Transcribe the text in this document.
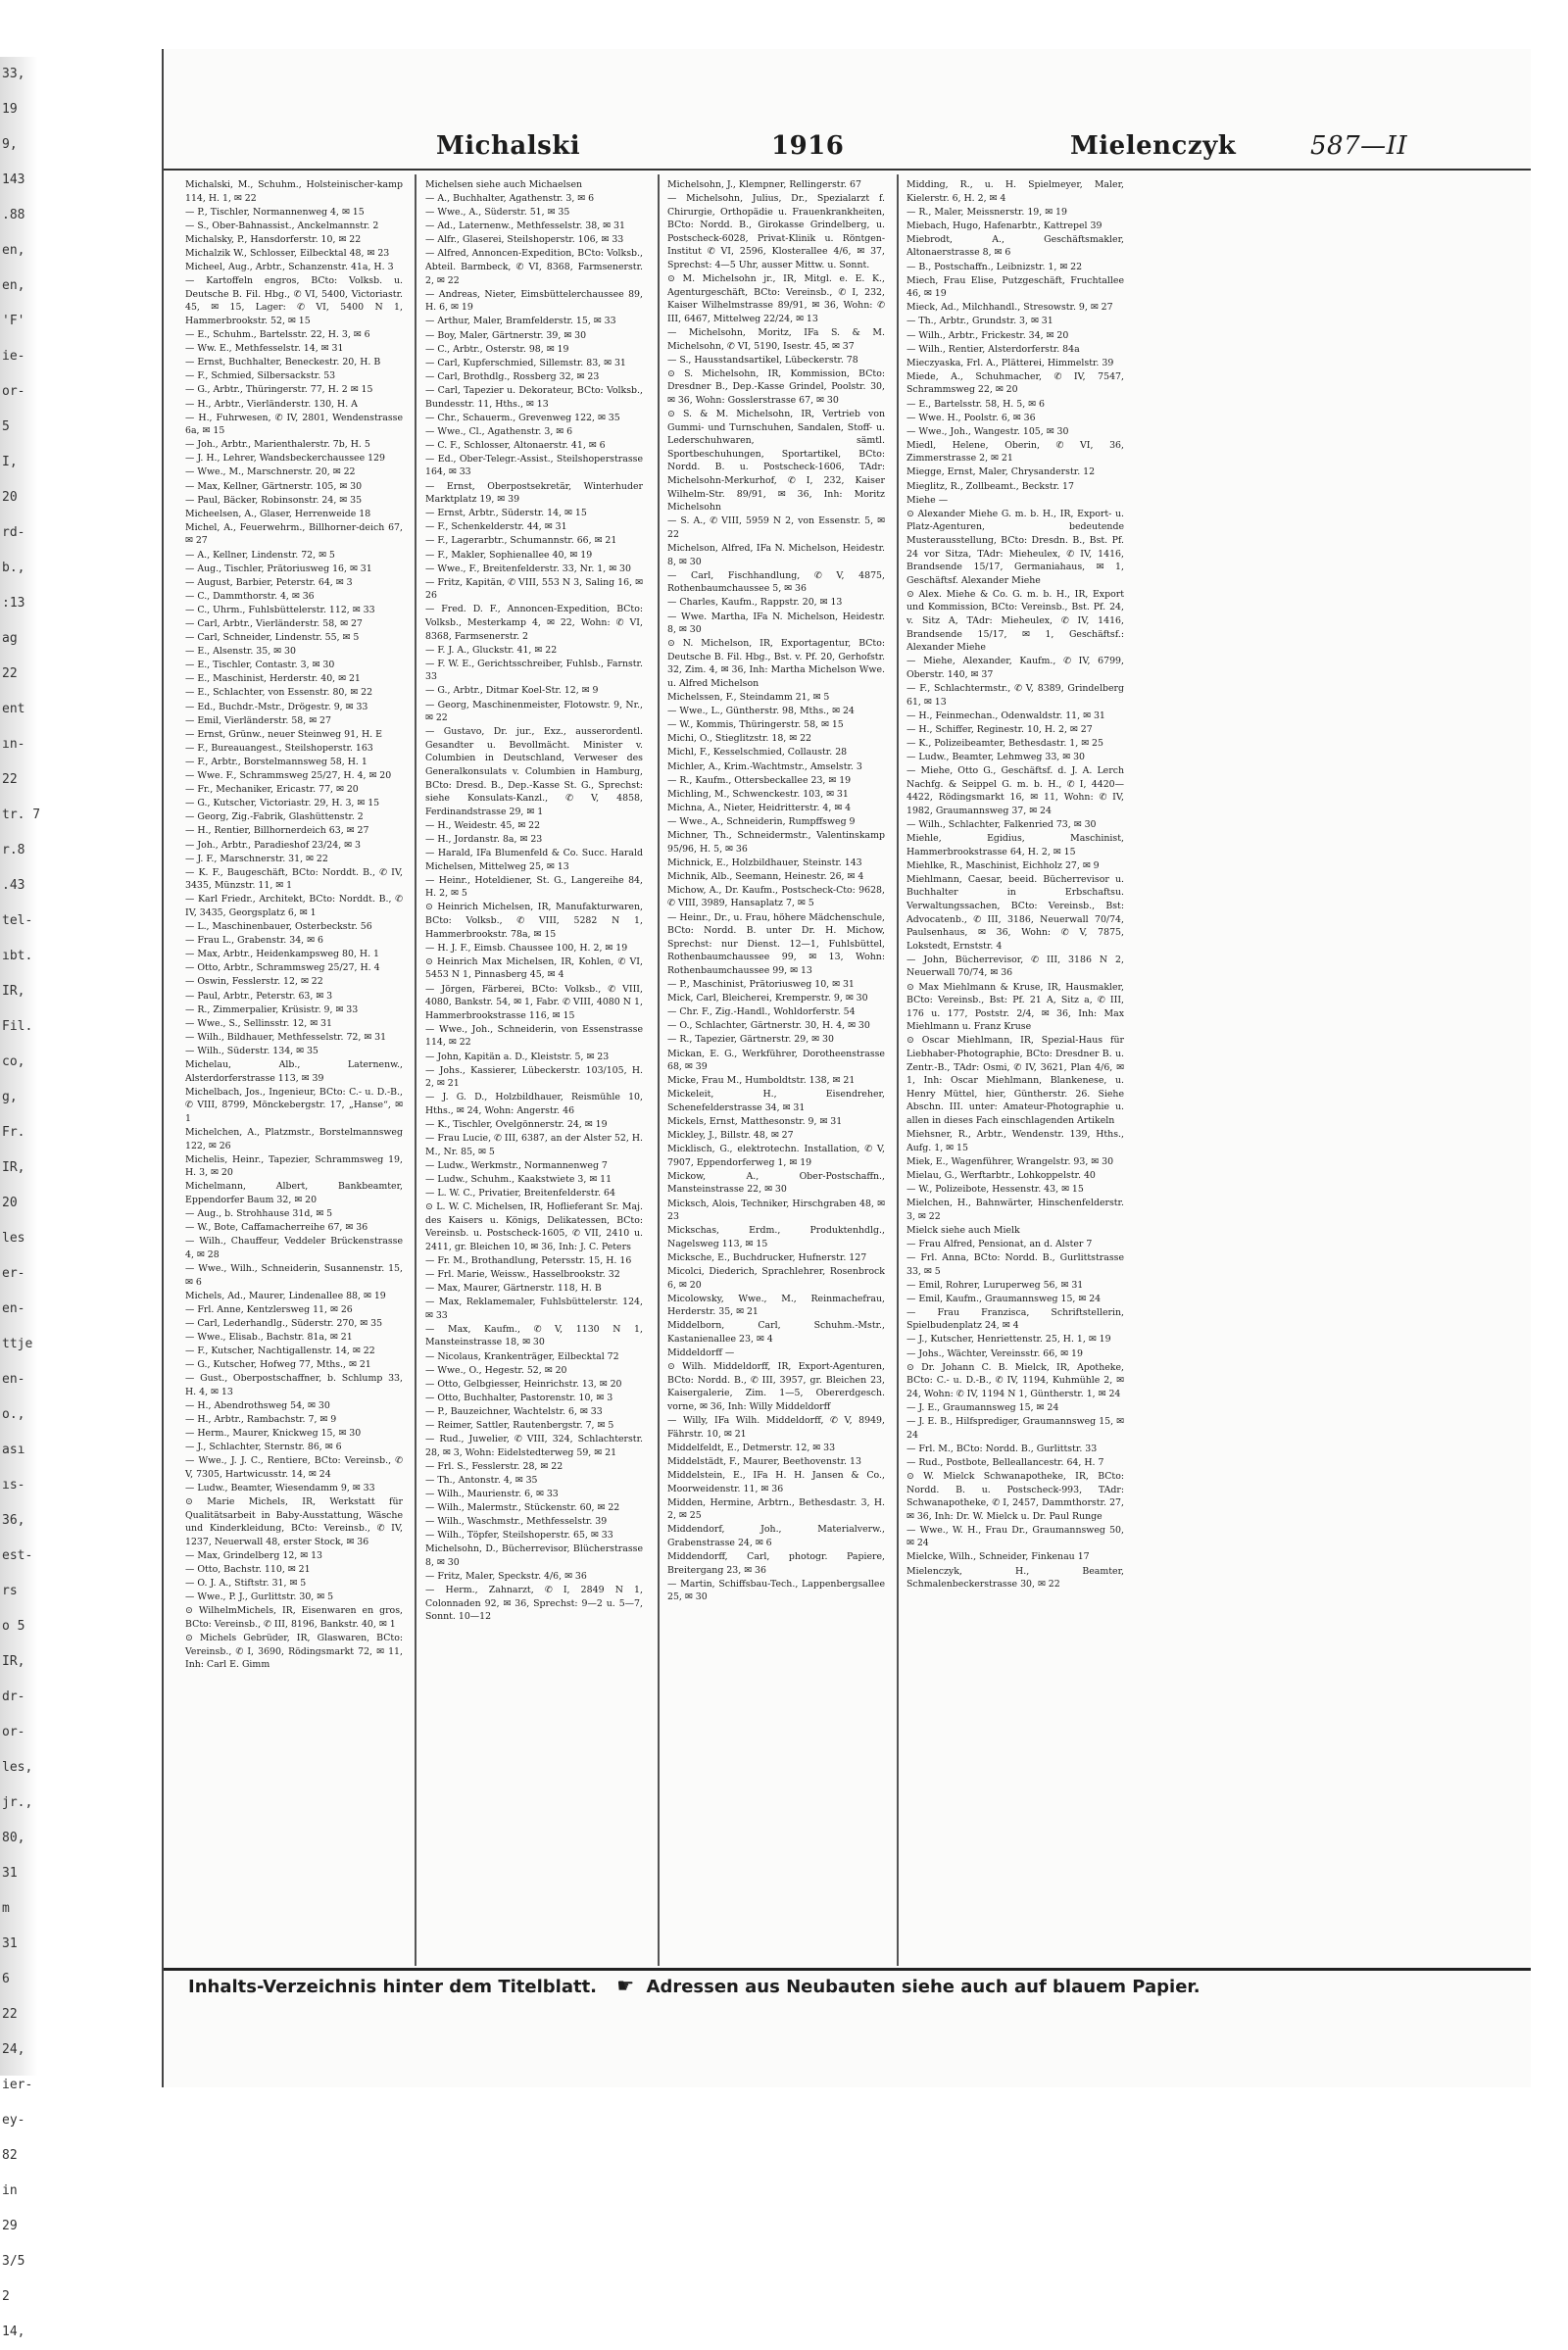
33,
19
9,
143
.88
en,
en,
'F'
ie-
or-
5
I,
20
rd-
b.,
:13
ag
22
ent
ın-
22
tr. 7
r.8
.43
tel-
ıbt.
IR,
Fil.
co,
g,
Fr.
IR,
20
les
er-
en-
ttje
en-
o.,
ası
ıs-
36,
est-
rs
o 5
IR,
dr-
or-
les,
jr.,
80,
31
m
31
6
22
24,
ier-
ey-
82
in
29
3/5
2
14,
Michalski	1916	Mielenczyk	587—II

Michalski, M., Schuhm., Holsteinischer-kamp 114, H. 1, ✉ 22

— P., Tischler, Normannenweg 4, ✉ 15

— S., Ober-Bahnassist., Anckelmannstr. 2

Michalsky, P., Hansdorferstr. 10, ✉ 22

Michalzik W., Schlosser, Eilbecktal 48, ✉ 23

Micheel, Aug., Arbtr., Schanzenstr. 41a, H. 3

— Kartoffeln engros, BCto: Volksb. u. Deutsche B. Fil. Hbg., ✆ VI, 5400, Victoriastr. 45, ✉ 15, Lager: ✆ VI, 5400 N 1, Hammerbrookstr. 52, ✉ 15

— E., Schuhm., Bartelsstr. 22, H. 3, ✉ 6

— Ww. E., Methfesselstr. 14, ✉ 31

— Ernst, Buchhalter, Beneckestr. 20, H. B

— F., Schmied, Silbersackstr. 53

— G., Arbtr., Thüringerstr. 77, H. 2 ✉ 15

— H., Arbtr., Vierländerstr. 130, H. A

— H., Fuhrwesen, ✆ IV, 2801, Wendenstrasse 6a, ✉ 15

— Joh., Arbtr., Marienthalerstr. 7b, H. 5

— J. H., Lehrer, Wandsbeckerchaussee 129

— Wwe., M., Marschnerstr. 20, ✉ 22

— Max, Kellner, Gärtnerstr. 105, ✉ 30

— Paul, Bäcker, Robinsonstr. 24, ✉ 35

Micheelsen, A., Glaser, Herrenweide 18

Michel, A., Feuerwehrm., Billhorner-deich 67, ✉ 27

— A., Kellner, Lindenstr. 72, ✉ 5

— Aug., Tischler, Prätoriusweg 16, ✉ 31

— August, Barbier, Peterstr. 64, ✉ 3

— C., Dammthorstr. 4, ✉ 36

— C., Uhrm., Fuhlsbüttelerstr. 112, ✉ 33

— Carl, Arbtr., Vierländerstr. 58, ✉ 27

— Carl, Schneider, Lindenstr. 55, ✉ 5

— E., Alsenstr. 35, ✉ 30

— E., Tischler, Contastr. 3, ✉ 30

— E., Maschinist, Herderstr. 40, ✉ 21

— E., Schlachter, von Essenstr. 80, ✉ 22

— Ed., Buchdr.-Mstr., Drögestr. 9, ✉ 33

— Emil, Vierländerstr. 58, ✉ 27

— Ernst, Grünw., neuer Steinweg 91, H. E

— F., Bureauangest., Steilshoperstr. 163

— F., Arbtr., Borstelmannsweg 58, H. 1

— Wwe. F., Schrammsweg 25/27, H. 4, ✉ 20

— Fr., Mechaniker, Ericastr. 77, ✉ 20

— G., Kutscher, Victoriastr. 29, H. 3, ✉ 15

— Georg, Zig.-Fabrik, Glashüttenstr. 2

— H., Rentier, Billhornerdeich 63, ✉ 27

— Joh., Arbtr., Paradieshof 23/24, ✉ 3

— J. F., Marschnerstr. 31, ✉ 22

— K. F., Baugeschäft, BCto: Norddt. B., ✆ IV, 3435, Münzstr. 11, ✉ 1

— Karl Friedr., Architekt, BCto: Norddt. B., ✆ IV, 3435, Georgsplatz 6, ✉ 1

— L., Maschinenbauer, Osterbeckstr. 56

— Frau L., Grabenstr. 34, ✉ 6

— Max, Arbtr., Heidenkampsweg 80, H. 1

— Otto, Arbtr., Schrammsweg 25/27, H. 4

— Oswin, Fesslerstr. 12, ✉ 22

— Paul, Arbtr., Peterstr. 63, ✉ 3

— R., Zimmerpalier, Krüsistr. 9, ✉ 33

— Wwe., S., Sellinsstr. 12, ✉ 31

— Wilh., Bildhauer, Methfesselstr. 72, ✉ 31

— Wilh., Süderstr. 134, ✉ 35

Michelau, Alb., Laternenw., Alsterdorferstrasse 113, ✉ 39

Michelbach, Jos., Ingenieur, BCto: C.- u. D.-B., ✆ VIII, 8799, Mönckebergstr. 17, „Hanse“, ✉ 1

Michelchen, A., Platzmstr., Borstelmannsweg 122, ✉ 26

Michelis, Heinr., Tapezier, Schrammsweg 19, H. 3, ✉ 20

Michelmann, Albert, Bankbeamter, Eppendorfer Baum 32, ✉ 20

— Aug., b. Strohhause 31d, ✉ 5

— W., Bote, Caffamacherreihe 67, ✉ 36

— Wilh., Chauffeur, Veddeler Brückenstrasse 4, ✉ 28

— Wwe., Wilh., Schneiderin, Susannenstr. 15, ✉ 6

Michels, Ad., Maurer, Lindenallee 88, ✉ 19

— Frl. Anne, Kentzlersweg 11, ✉ 26

— Carl, Lederhandlg., Süderstr. 270, ✉ 35

— Wwe., Elisab., Bachstr. 81a, ✉ 21

— F., Kutscher, Nachtigallenstr. 14, ✉ 22

— G., Kutscher, Hofweg 77, Mths., ✉ 21

— Gust., Oberpostschaffner, b. Schlump 33, H. 4, ✉ 13

— H., Abendrothsweg 54, ✉ 30

— H., Arbtr., Rambachstr. 7, ✉ 9

— Herm., Maurer, Knickweg 15, ✉ 30

— J., Schlachter, Sternstr. 86, ✉ 6

— Wwe., J. J. C., Rentiere, BCto: Vereinsb., ✆ V, 7305, Hartwicusstr. 14, ✉ 24

— Ludw., Beamter, Wiesendamm 9, ✉ 33

⊙ Marie Michels, IR, Werkstatt für Qualitätsarbeit in Baby-Ausstattung, Wäsche und Kinderkleidung, BCto: Vereinsb., ✆ IV, 1237, Neuerwall 48, erster Stock, ✉ 36

— Max, Grindelberg 12, ✉ 13

— Otto, Bachstr. 110, ✉ 21

— O. J. A., Stiftstr. 31, ✉ 5

— Wwe., P. J., Gurlittstr. 30, ✉ 5

⊙ WilhelmMichels, IR, Eisenwaren en gros, BCto: Vereinsb., ✆ III, 8196, Bankstr. 40, ✉ 1

⊙ Michels Gebrüder, IR, Glaswaren, BCto: Vereinsb., ✆ I, 3690, Rödingsmarkt 72, ✉ 11, Inh: Carl E. Gimm

Michelsen siehe auch Michaelsen

— A., Buchhalter, Agathenstr. 3, ✉ 6

— Wwe., A., Süderstr. 51, ✉ 35

— Ad., Laternenw., Methfesselstr. 38, ✉ 31

— Alfr., Glaserei, Steilshoperstr. 106, ✉ 33

— Alfred, Annoncen-Expedition, BCto: Volksb., Abteil. Barmbeck, ✆ VI, 8368, Farmsenerstr. 2, ✉ 22

— Andreas, Nieter, Eimsbüttelerchaussee 89, H. 6, ✉ 19

— Arthur, Maler, Bramfelderstr. 15, ✉ 33

— Boy, Maler, Gärtnerstr. 39, ✉ 30

— C., Arbtr., Osterstr. 98, ✉ 19

— Carl, Kupferschmied, Sillemstr. 83, ✉ 31

— Carl, Brothdlg., Rossberg 32, ✉ 23

— Carl, Tapezier u. Dekorateur, BCto: Volksb., Bundesstr. 11, Hths., ✉ 13

— Chr., Schauerm., Grevenweg 122, ✉ 35

— Wwe., Cl., Agathenstr. 3, ✉ 6

— C. F., Schlosser, Altonaerstr. 41, ✉ 6

— Ed., Ober-Telegr.-Assist., Steilshoperstrasse 164, ✉ 33

— Ernst, Oberpostsekretär, Winterhuder Marktplatz 19, ✉ 39

— Ernst, Arbtr., Süderstr. 14, ✉ 15

— F., Schenkelderstr. 44, ✉ 31

— F., Lagerarbtr., Schumannstr. 66, ✉ 21

— F., Makler, Sophienallee 40, ✉ 19

— Wwe., F., Breitenfelderstr. 33, Nr. 1, ✉ 30

— Fritz, Kapitän, ✆ VIII, 553 N 3, Saling 16, ✉ 26

— Fred. D. F., Annoncen-Expedition, BCto: Volksb., Mesterkamp 4, ✉ 22, Wohn: ✆ VI, 8368, Farmsenerstr. 2

— F. J. A., Gluckstr. 41, ✉ 22

— F. W. E., Gerichtsschreiber, Fuhlsb., Farnstr. 33

— G., Arbtr., Ditmar Koel-Str. 12, ✉ 9

— Georg, Maschinenmeister, Flotowstr. 9, Nr., ✉ 22

— Gustavo, Dr. jur., Exz., ausserordentl. Gesandter u. Bevollmächt. Minister v. Columbien in Deutschland, Verweser des Generalkonsulats v. Columbien in Hamburg, BCto: Dresd. B., Dep.-Kasse St. G., Sprechst: siehe Konsulats-Kanzl., ✆ V, 4858, Ferdinandstrasse 29, ✉ 1

— H., Weidestr. 45, ✉ 22

— H., Jordanstr. 8a, ✉ 23

— Harald, IFa Blumenfeld & Co. Succ. Harald Michelsen, Mittelweg 25, ✉ 13

— Heinr., Hoteldiener, St. G., Langereihe 84, H. 2, ✉ 5

⊙ Heinrich Michelsen, IR, Manufakturwaren, BCto: Volksb., ✆ VIII, 5282 N 1, Hammerbrookstr. 78a, ✉ 15

— H. J. F., Eimsb. Chaussee 100, H. 2, ✉ 19

⊙ Heinrich Max Michelsen, IR, Kohlen, ✆ VI, 5453 N 1, Pinnasberg 45, ✉ 4

— Jörgen, Färberei, BCto: Volksb., ✆ VIII, 4080, Bankstr. 54, ✉ 1, Fabr. ✆ VIII, 4080 N 1, Hammerbrookstrasse 116, ✉ 15

— Wwe., Joh., Schneiderin, von Essenstrasse 114, ✉ 22

— John, Kapitän a. D., Kleiststr. 5, ✉ 23

— Johs., Kassierer, Lübeckerstr. 103/105, H. 2, ✉ 21

— J. G. D., Holzbildhauer, Reismühle 10, Hths., ✉ 24, Wohn: Angerstr. 46

— K., Tischler, Ovelgönnerstr. 24, ✉ 19

— Frau Lucie, ✆ III, 6387, an der Alster 52, H. M., Nr. 85, ✉ 5

— Ludw., Werkmstr., Normannenweg 7

— Ludw., Schuhm., Kaakstwiete 3, ✉ 11

— L. W. C., Privatier, Breitenfelderstr. 64

⊙ L. W. C. Michelsen, IR, Hoflieferant Sr. Maj. des Kaisers u. Königs, Delikatessen, BCto: Vereinsb. u. Postscheck-1605, ✆ VII, 2410 u. 2411, gr. Bleichen 10, ✉ 36, Inh: J. C. Peters

— Fr. M., Brothandlung, Petersstr. 15, H. 16

— Frl. Marie, Weissw., Hasselbrookstr. 32

— Max, Maurer, Gärtnerstr. 118, H. B

— Max, Reklamemaler, Fuhlsbüttelerstr. 124, ✉ 33

— Max, Kaufm., ✆ V, 1130 N 1, Mansteinstrasse 18, ✉ 30

— Nicolaus, Krankenträger, Eilbecktal 72

— Wwe., O., Hegestr. 52, ✉ 20

— Otto, Gelbgiesser, Heinrichstr. 13, ✉ 20

— Otto, Buchhalter, Pastorenstr. 10, ✉ 3

— P., Bauzeichner, Wachtelstr. 6, ✉ 33

— Reimer, Sattler, Rautenbergstr. 7, ✉ 5

— Rud., Juwelier, ✆ VIII, 324, Schlachterstr. 28, ✉ 3, Wohn: Eidelstedterweg 59, ✉ 21

— Frl. S., Fesslerstr. 28, ✉ 22

— Th., Antonstr. 4, ✉ 35

— Wilh., Maurienstr. 6, ✉ 33

— Wilh., Malermstr., Stückenstr. 60, ✉ 22

— Wilh., Waschmstr., Methfesselstr. 39

— Wilh., Töpfer, Steilshoperstr. 65, ✉ 33

Michelsohn, D., Bücherrevisor, Blücherstrasse 8, ✉ 30

— Fritz, Maler, Speckstr. 4/6, ✉ 36

— Herm., Zahnarzt, ✆ I, 2849 N 1, Colonnaden 92, ✉ 36, Sprechst: 9—2 u. 5—7, Sonnt. 10—12

Michelsohn, J., Klempner, Rellingerstr. 67

— Michelsohn, Julius, Dr., Spezialarzt f. Chirurgie, Orthopädie u. Frauenkrankheiten, BCto: Nordd. B., Girokasse Grindelberg, u. Postscheck-6028, Privat-Klinik u. Röntgen-Institut ✆ VI, 2596, Klosterallee 4/6, ✉ 37, Sprechst: 4—5 Uhr, ausser Mittw. u. Sonnt.

⊙ M. Michelsohn jr., IR, Mitgl. e. E. K., Agenturgeschäft, BCto: Vereinsb., ✆ I, 232, Kaiser Wilhelmstrasse 89/91, ✉ 36, Wohn: ✆ III, 6467, Mittelweg 22/24, ✉ 13

— Michelsohn, Moritz, IFa S. & M. Michelsohn, ✆ VI, 5190, Isestr. 45, ✉ 37

— S., Hausstandsartikel, Lübeckerstr. 78

⊙ S. Michelsohn, IR, Kommission, BCto: Dresdner B., Dep.-Kasse Grindel, Poolstr. 30, ✉ 36, Wohn: Gosslerstrasse 67, ✉ 30

⊙ S. & M. Michelsohn, IR, Vertrieb von Gummi- und Turnschuhen, Sandalen, Stoff- u. Lederschuhwaren, sämtl. Sportbeschuhungen, Sportartikel, BCto: Nordd. B. u. Postscheck-1606, TAdr: Michelsohn-Merkurhof, ✆ I, 232, Kaiser Wilhelm-Str. 89/91, ✉ 36, Inh: Moritz Michelsohn

— S. A., ✆ VIII, 5959 N 2, von Essenstr. 5, ✉ 22

Michelson, Alfred, IFa N. Michelson, Heidestr. 8, ✉ 30

— Carl, Fischhandlung, ✆ V, 4875, Rothenbaumchaussee 5, ✉ 36

— Charles, Kaufm., Rappstr. 20, ✉ 13

— Wwe. Martha, IFa N. Michelson, Heidestr. 8, ✉ 30

⊙ N. Michelson, IR, Exportagentur, BCto: Deutsche B. Fil. Hbg., Bst. v. Pf. 20, Gerhofstr. 32, Zim. 4, ✉ 36, Inh: Martha Michelson Wwe. u. Alfred Michelson

Michelssen, F., Steindamm 21, ✉ 5

— Wwe., L., Güntherstr. 98, Mths., ✉ 24

— W., Kommis, Thüringerstr. 58, ✉ 15

Michi, O., Stieglitzstr. 18, ✉ 22

Michl, F., Kesselschmied, Collaustr. 28

Michler, A., Krim.-Wachtmstr., Amselstr. 3

— R., Kaufm., Ottersbeckallee 23, ✉ 19

Michling, M., Schwenckestr. 103, ✉ 31

Michna, A., Nieter, Heidritterstr. 4, ✉ 4

— Wwe., A., Schneiderin, Rumpffsweg 9

Michner, Th., Schneidermstr., Valentinskamp 95/96, H. 5, ✉ 36

Michnick, E., Holzbildhauer, Steinstr. 143

Michnik, Alb., Seemann, Heinestr. 26, ✉ 4

Michow, A., Dr. Kaufm., Postscheck-Cto: 9628, ✆ VIII, 3989, Hansaplatz 7, ✉ 5

— Heinr., Dr., u. Frau, höhere Mädchenschule, BCto: Nordd. B. unter Dr. H. Michow, Sprechst: nur Dienst. 12—1, Fuhlsbüttel, Rothenbaumchaussee 99, ✉ 13, Wohn: Rothenbaumchaussee 99, ✉ 13

— P., Maschinist, Prätoriusweg 10, ✉ 31

Mick, Carl, Bleicherei, Kremperstr. 9, ✉ 30

— Chr. F., Zig.-Handl., Wohldorferstr. 54

— O., Schlachter, Gärtnerstr. 30, H. 4, ✉ 30

— R., Tapezier, Gärtnerstr. 29, ✉ 30

Mickan, E. G., Werkführer, Dorotheenstrasse 68, ✉ 39

Micke, Frau M., Humboldtstr. 138, ✉ 21

Mickeleit, H., Eisendreher, Schenefelderstrasse 34, ✉ 31

Mickels, Ernst, Matthesonstr. 9, ✉ 31

Mickley, J., Billstr. 48, ✉ 27

Micklisch, G., elektrotechn. Installation, ✆ V, 7907, Eppendorferweg 1, ✉ 19

Mickow, A., Ober-Postschaffn., Mansteinstrasse 22, ✉ 30

Micksch, Alois, Techniker, Hirschgraben 48, ✉ 23

Mickschas, Erdm., Produktenhdlg., Nagelsweg 113, ✉ 15

Micksche, E., Buchdrucker, Hufnerstr. 127

Micolci, Diederich, Sprachlehrer, Rosenbrock 6, ✉ 20

Micolowsky, Wwe., M., Reinmachefrau, Herderstr. 35, ✉ 21

Middelborn, Carl, Schuhm.-Mstr., Kastanienallee 23, ✉ 4

Middeldorff —

⊙ Wilh. Middeldorff, IR, Export-Agenturen, BCto: Nordd. B., ✆ III, 3957, gr. Bleichen 23, Kaisergalerie, Zim. 1—5, Obererdgesch. vorne, ✉ 36, Inh: Willy Middeldorff

— Willy, IFa Wilh. Middeldorff, ✆ V, 8949, Fährstr. 10, ✉ 21

Middelfeldt, E., Detmerstr. 12, ✉ 33

Middelstädt, F., Maurer, Beethovenstr. 13

Middelstein, E., IFa H. H. Jansen & Co., Moorweidenstr. 11, ✉ 36

Midden, Hermine, Arbtrn., Bethesdastr. 3, H. 2, ✉ 25

Middendorf, Joh., Materialverw., Grabenstrasse 24, ✉ 6

Middendorff, Carl, photogr. Papiere, Breitergang 23, ✉ 36

— Martin, Schiffsbau-Tech., Lappenbergsallee 25, ✉ 30

Midding, R., u. H. Spielmeyer, Maler, Kielerstr. 6, H. 2, ✉ 4

— R., Maler, Meissnerstr. 19, ✉ 19

Miebach, Hugo, Hafenarbtr., Kattrepel 39

Miebrodt, A., Geschäftsmakler, Altonaerstrasse 8, ✉ 6

— B., Postschaffn., Leibnizstr. 1, ✉ 22

Miech, Frau Elise, Putzgeschäft, Fruchtallee 46, ✉ 19

Mieck, Ad., Milchhandl., Stresowstr. 9, ✉ 27

— Th., Arbtr., Grundstr. 3, ✉ 31

— Wilh., Arbtr., Frickestr. 34, ✉ 20

— Wilh., Rentier, Alsterdorferstr. 84a

Mieczyaska, Frl. A., Plätterei, Himmelstr. 39

Miede, A., Schuhmacher, ✆ IV, 7547, Schrammsweg 22, ✉ 20

— E., Bartelsstr. 58, H. 5, ✉ 6

— Wwe. H., Poolstr. 6, ✉ 36

— Wwe., Joh., Wangestr. 105, ✉ 30

Miedl, Helene, Oberin, ✆ VI, 36, Zimmerstrasse 2, ✉ 21

Miegge, Ernst, Maler, Chrysanderstr. 12

Mieglitz, R., Zollbeamt., Beckstr. 17

Miehe —

⊙ Alexander Miehe G. m. b. H., IR, Export- u. Platz-Agenturen, bedeutende Musterausstellung, BCto: Dresdn. B., Bst. Pf. 24 vor Sitza, TAdr: Mieheulex, ✆ IV, 1416, Brandsende 15/17, Germaniahaus, ✉ 1, Geschäftsf. Alexander Miehe

⊙ Alex. Miehe & Co. G. m. b. H., IR, Export und Kommission, BCto: Vereinsb., Bst. Pf. 24, v. Sitz A, TAdr: Mieheulex, ✆ IV, 1416, Brandsende 15/17, ✉ 1, Geschäftsf.: Alexander Miehe

— Miehe, Alexander, Kaufm., ✆ IV, 6799, Oberstr. 140, ✉ 37

— F., Schlachtermstr., ✆ V, 8389, Grindelberg 61, ✉ 13

— H., Feinmechan., Odenwaldstr. 11, ✉ 31

— H., Schiffer, Reginestr. 10, H. 2, ✉ 27

— K., Polizeibeamter, Bethesdastr. 1, ✉ 25

— Ludw., Beamter, Lehmweg 33, ✉ 30

— Miehe, Otto G., Geschäftsf. d. J. A. Lerch Nachfg. & Seippel G. m. b. H., ✆ I, 4420—4422, Rödingsmarkt 16, ✉ 11, Wohn: ✆ IV, 1982, Graumannsweg 37, ✉ 24

— Wilh., Schlachter, Falkenried 73, ✉ 30

Miehle, Egidius, Maschinist, Hammerbrookstrasse 64, H. 2, ✉ 15

Miehlke, R., Maschinist, Eichholz 27, ✉ 9

Miehlmann, Caesar, beeid. Bücherrevisor u. Buchhalter in Erbschaftsu. Verwaltungssachen, BCto: Vereinsb., Bst: Advocatenb., ✆ III, 3186, Neuerwall 70/74, Paulsenhaus, ✉ 36, Wohn: ✆ V, 7875, Lokstedt, Ernststr. 4

— John, Bücherrevisor, ✆ III, 3186 N 2, Neuerwall 70/74, ✉ 36

⊙ Max Miehlmann & Kruse, IR, Hausmakler, BCto: Vereinsb., Bst: Pf. 21 A, Sitz a, ✆ III, 176 u. 177, Poststr. 2/4, ✉ 36, Inh: Max Miehlmann u. Franz Kruse

⊙ Oscar Miehlmann, IR, Spezial-Haus für Liebhaber-Photographie, BCto: Dresdner B. u. Zentr.-B., TAdr: Osmi, ✆ IV, 3621, Plan 4/6, ✉ 1, Inh: Oscar Miehlmann, Blankenese, u. Henry Müttel, hier, Güntherstr. 26. Siehe Abschn. III. unter: Amateur-Photographie u. allen in dieses Fach einschlagenden Artikeln

Miehsner, R., Arbtr., Wendenstr. 139, Hths., Aufg. 1, ✉ 15

Miek, E., Wagenführer, Wrangelstr. 93, ✉ 30

Mielau, G., Werftarbtr., Lohkoppelstr. 40

— W., Polizeibote, Hessenstr. 43, ✉ 15

Mielchen, H., Bahnwärter, Hinschenfelderstr. 3, ✉ 22

Mielck siehe auch Mielk

— Frau Alfred, Pensionat, an d. Alster 7

— Frl. Anna, BCto: Nordd. B., Gurlittstrasse 33, ✉ 5

— Emil, Rohrer, Luruperweg 56, ✉ 31

— Emil, Kaufm., Graumannsweg 15, ✉ 24

— Frau Franzisca, Schriftstellerin, Spielbudenplatz 24, ✉ 4

— J., Kutscher, Henriettenstr. 25, H. 1, ✉ 19

— Johs., Wächter, Vereinsstr. 66, ✉ 19

⊙ Dr. Johann C. B. Mielck, IR, Apotheke, BCto: C.- u. D.-B., ✆ IV, 1194, Kuhmühle 2, ✉ 24, Wohn: ✆ IV, 1194 N 1, Güntherstr. 1, ✉ 24

— J. E., Graumannsweg 15, ✉ 24

— J. E. B., Hilfsprediger, Graumannsweg 15, ✉ 24

— Frl. M., BCto: Nordd. B., Gurlittstr. 33

— Rud., Postbote, Belleallancestr. 64, H. 7

⊙ W. Mielck Schwanapotheke, IR, BCto: Nordd. B. u. Postscheck-993, TAdr: Schwanapotheke, ✆ I, 2457, Dammthorstr. 27, ✉ 36, Inh: Dr. W. Mielck u. Dr. Paul Runge

— Wwe., W. H., Frau Dr., Graumannsweg 50, ✉ 24

Mielcke, Wilh., Schneider, Finkenau 17

Mielenczyk, H., Beamter, Schmalenbeckerstrasse 30, ✉ 22

Inhalts-Verzeichnis hinter dem Titelblatt. ☛ Adressen aus Neubauten siehe auch auf blauem Papier.
